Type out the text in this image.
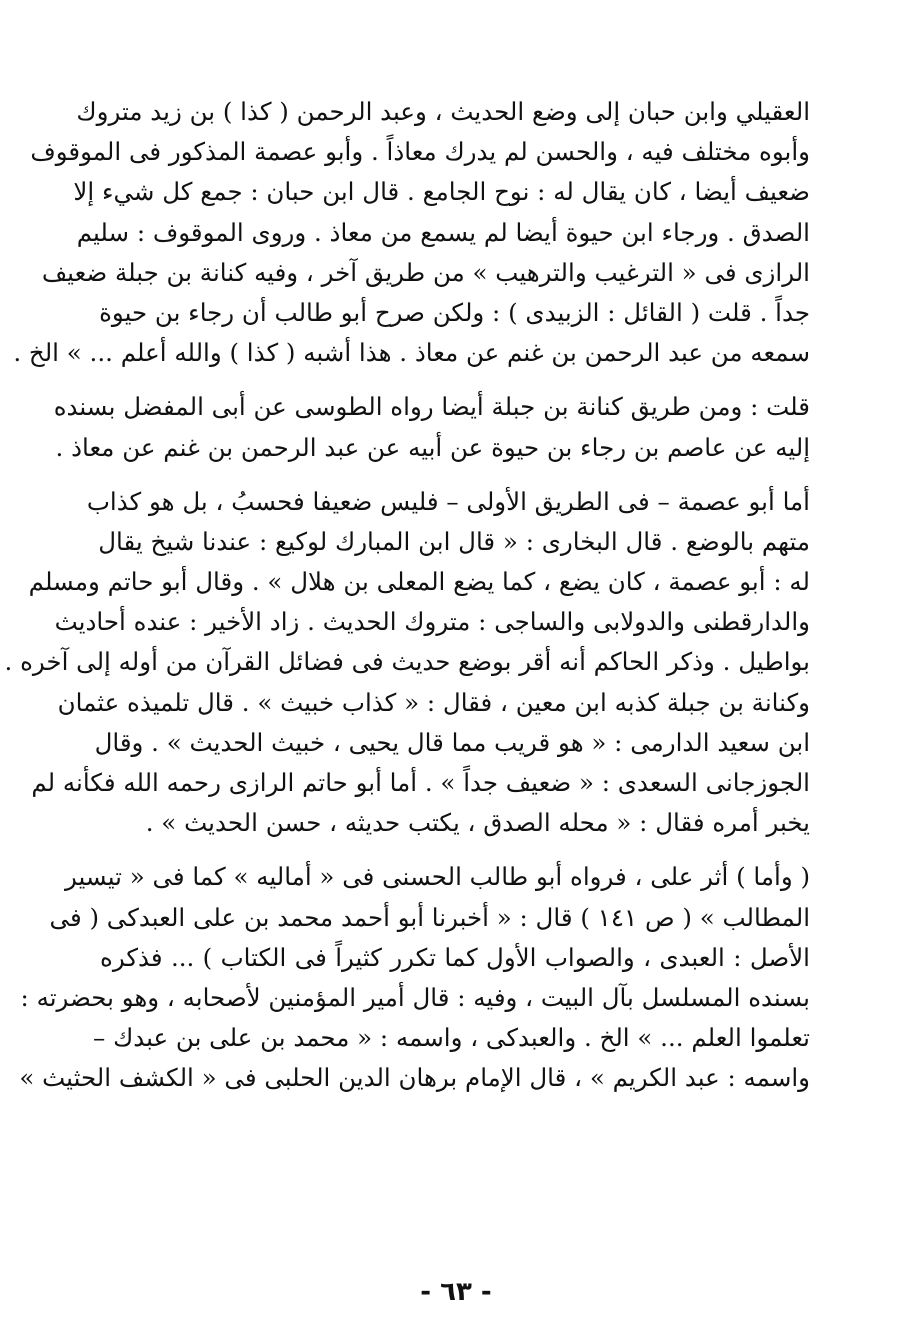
العقيلي وابن حبان إلى وضع الحديث ، وعبد الرحمن ( كذا ) بن زيد متروك
وأبوه مختلف فيه ، والحسن لم يدرك معاذاً . وأبو عصمة المذكور فى الموقوف
ضعيف أيضا ، كان يقال له : نوح الجامع . قال ابن حبان : جمع كل شيء إلا
الصدق . ورجاء ابن حيوة أيضا لم يسمع من معاذ . وروى الموقوف : سليم
الرازى فى « الترغيب والترهيب » من طريق آخر ، وفيه كنانة بن جبلة ضعيف
جداً . قلت ( القائل : الزبيدى ) : ولكن صرح أبو طالب أن رجاء بن حيوة
سمعه من عبد الرحمن بن غنم عن معاذ . هذا أشبه ( كذا ) والله أعلم ... » الخ .
قلت : ومن طريق كنانة بن جبلة أيضا رواه الطوسى عن أبى المفضل بسنده
إليه عن عاصم بن رجاء بن حيوة عن أبيه عن عبد الرحمن بن غنم عن معاذ .
أما أبو عصمة – فى الطريق الأولى – فليس ضعيفا فحسبُ ، بل هو كذاب
متهم بالوضع . قال البخارى : « قال ابن المبارك لوكيع : عندنا شيخ يقال
له : أبو عصمة ، كان يضع ، كما يضع المعلى بن هلال » . وقال أبو حاتم ومسلم
والدارقطنى والدولابى والساجى : متروك الحديث . زاد الأخير : عنده أحاديث
بواطيل . وذكر الحاكم أنه أقر بوضع حديث فى فضائل القرآن من أوله إلى آخره .
وكنانة بن جبلة كذبه ابن معين ، فقال : « كذاب خبيث » . قال تلميذه عثمان
ابن سعيد الدارمى : « هو قريب مما قال يحيى ، خبيث الحديث » . وقال
الجوزجانى السعدى : « ضعيف جداً » . أما أبو حاتم الرازى رحمه الله فكأنه لم
يخبر أمره فقال : « محله الصدق ، يكتب حديثه ، حسن الحديث » .
( وأما ) أثر على ، فرواه أبو طالب الحسنى فى « أماليه » كما فى « تيسير
المطالب » ( ص ١٤١ ) قال : « أخبرنا أبو أحمد محمد بن على العبدكى ( فى
الأصل : العبدى ، والصواب الأول كما تكرر كثيراً فى الكتاب ) ... فذكره
بسنده المسلسل بآل البيت ، وفيه : قال أمير المؤمنين لأصحابه ، وهو بحضرته :
تعلموا العلم ... » الخ . والعبدكى ، واسمه : « محمد بن على بن عبدك –
واسمه : عبد الكريم » ، قال الإمام برهان الدين الحلبى فى « الكشف الحثيث »
- ٦٣ -
